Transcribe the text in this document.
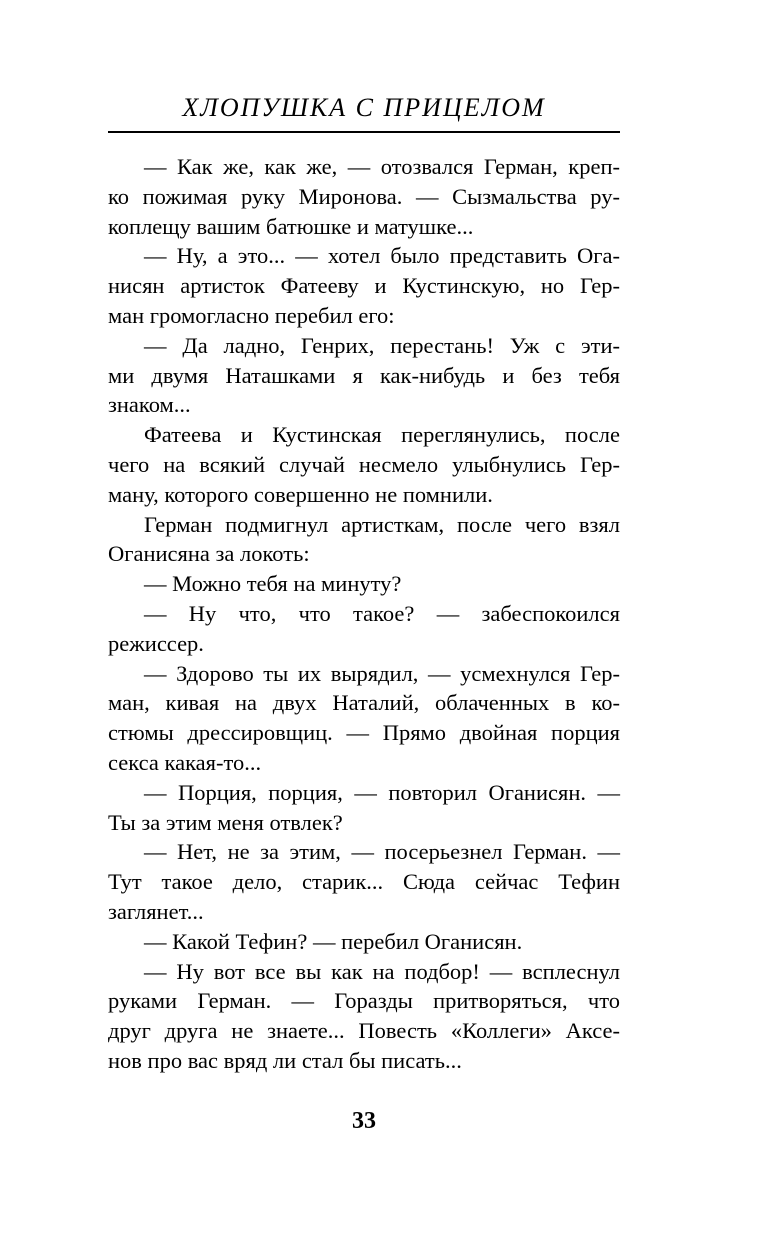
ХЛОПУШКА С ПРИЦЕЛОМ
— Как же, как же, — отозвался Герман, креп-
ко пожимая руку Миронова. — Сызмальства ру-
коплещу вашим батюшке и матушке...
— Ну, а это... — хотел было представить Ога-
нисян артисток Фатееву и Кустинскую, но Гер-
ман громогласно перебил его:
— Да ладно, Генрих, перестань! Уж с эти-
ми двумя Наташками я как-нибудь и без тебя
знаком...
Фатеева и Кустинская переглянулись, после
чего на всякий случай несмело улыбнулись Гер-
ману, которого совершенно не помнили.
Герман подмигнул артисткам, после чего взял
Оганисяна за локоть:
— Можно тебя на минуту?
— Ну что, что такое? — забеспокоился
режиссер.
— Здорово ты их вырядил, — усмехнулся Гер-
ман, кивая на двух Наталий, облаченных в ко-
стюмы дрессировщиц. — Прямо двойная порция
секса какая-то...
— Порция, порция, — повторил Оганисян. —
Ты за этим меня отвлек?
— Нет, не за этим, — посерьезнел Герман. —
Тут такое дело, старик... Сюда сейчас Тефин
заглянет...
— Какой Тефин? — перебил Оганисян.
— Ну вот все вы как на подбор! — всплеснул
руками Герман. — Горазды притворяться, что
друг друга не знаете... Повесть «Коллеги» Аксе-
нов про вас вряд ли стал бы писать...
33
